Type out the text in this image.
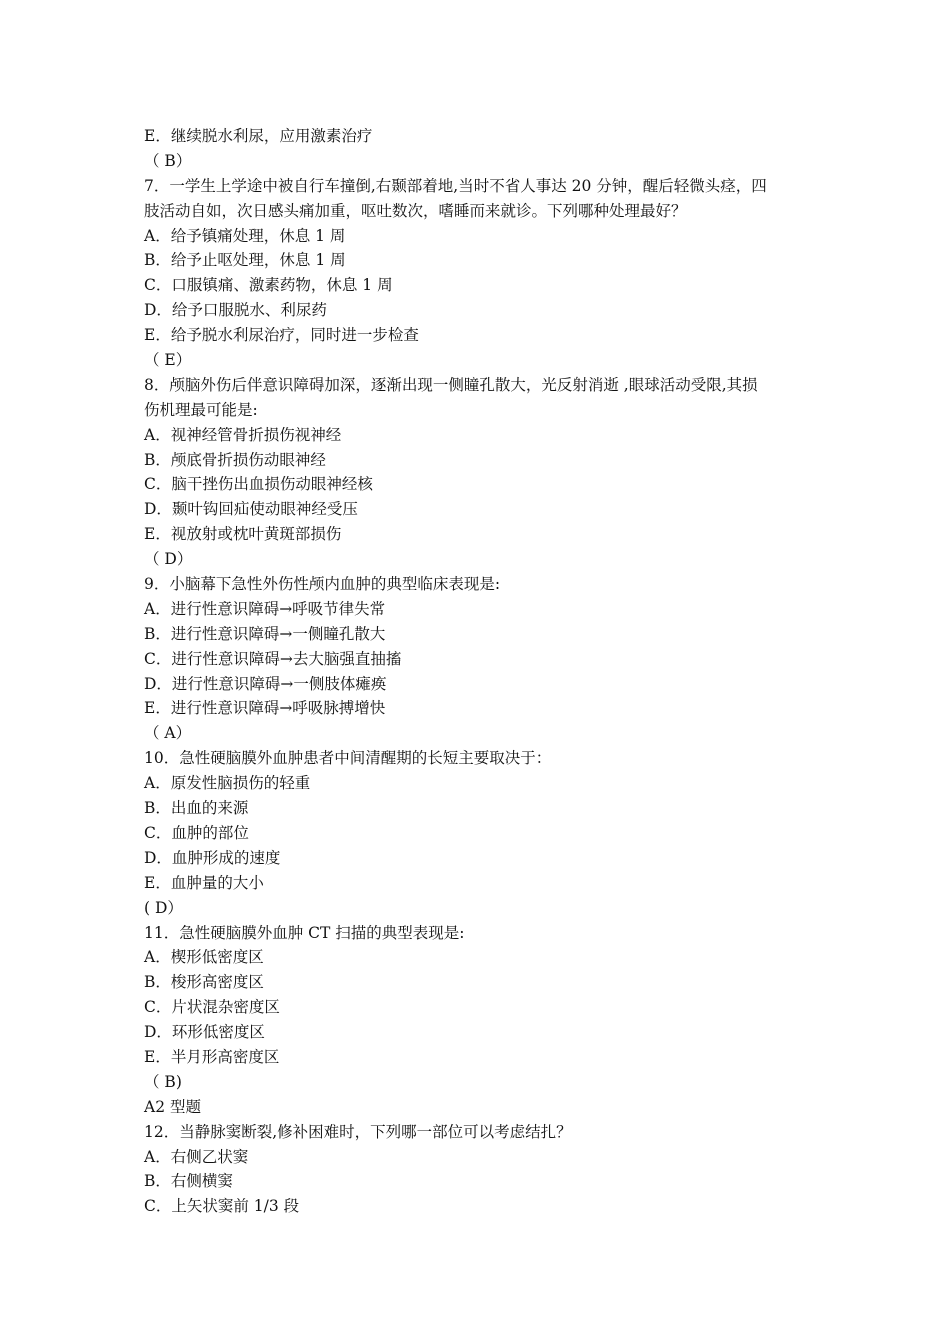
E．继续脱水利尿，应用激素治疗
（ B）
7．一学生上学途中被自行车撞倒,右颞部着地,当时不省人事达 20 分钟，醒后轻微头痉，四
肢活动自如，次日感头痛加重，呕吐数次，嗜睡而来就诊。下列哪种处理最好？
A．给予镇痛处理，休息 1 周
B．给予止呕处理，休息 1 周
C．口服镇痛、激素药物，休息 1 周
D．给予口服脱水、利尿药
E．给予脱水利尿治疗，同时进一步检查
（ E）
8．颅脑外伤后伴意识障碍加深，逐渐出现一侧瞳孔散大，光反射消逝 ,眼球活动受限,其损
伤机理最可能是:
A．视神经管骨折损伤视神经
B．颅底骨折损伤动眼神经
C．脑干挫伤出血损伤动眼神经核
D．颞叶钩回疝使动眼神经受压
E．视放射或枕叶黄斑部损伤
（ D）
9．小脑幕下急性外伤性颅内血肿的典型临床表现是:
A．进行性意识障碍→呼吸节律失常
B．进行性意识障碍→一侧瞳孔散大
C．进行性意识障碍→去大脑强直抽搐
D．进行性意识障碍→一侧肢体瘫痪
E．进行性意识障碍→呼吸脉搏增快
（ A）
10．急性硬脑膜外血肿患者中间清醒期的长短主要取决于：
A．原发性脑损伤的轻重
B．出血的来源
C．血肿的部位
D．血肿形成的速度
E．血肿量的大小
( D）
11．急性硬脑膜外血肿 CT 扫描的典型表现是:
A．楔形低密度区
B．梭形高密度区
C．片状混杂密度区
D．环形低密度区
E．半月形高密度区
（ B)
A2 型题
12．当静脉窦断裂,修补困难时，下列哪一部位可以考虑结扎？
A．右侧乙状窦
B．右侧横窦
C．上矢状窦前 1/3 段
